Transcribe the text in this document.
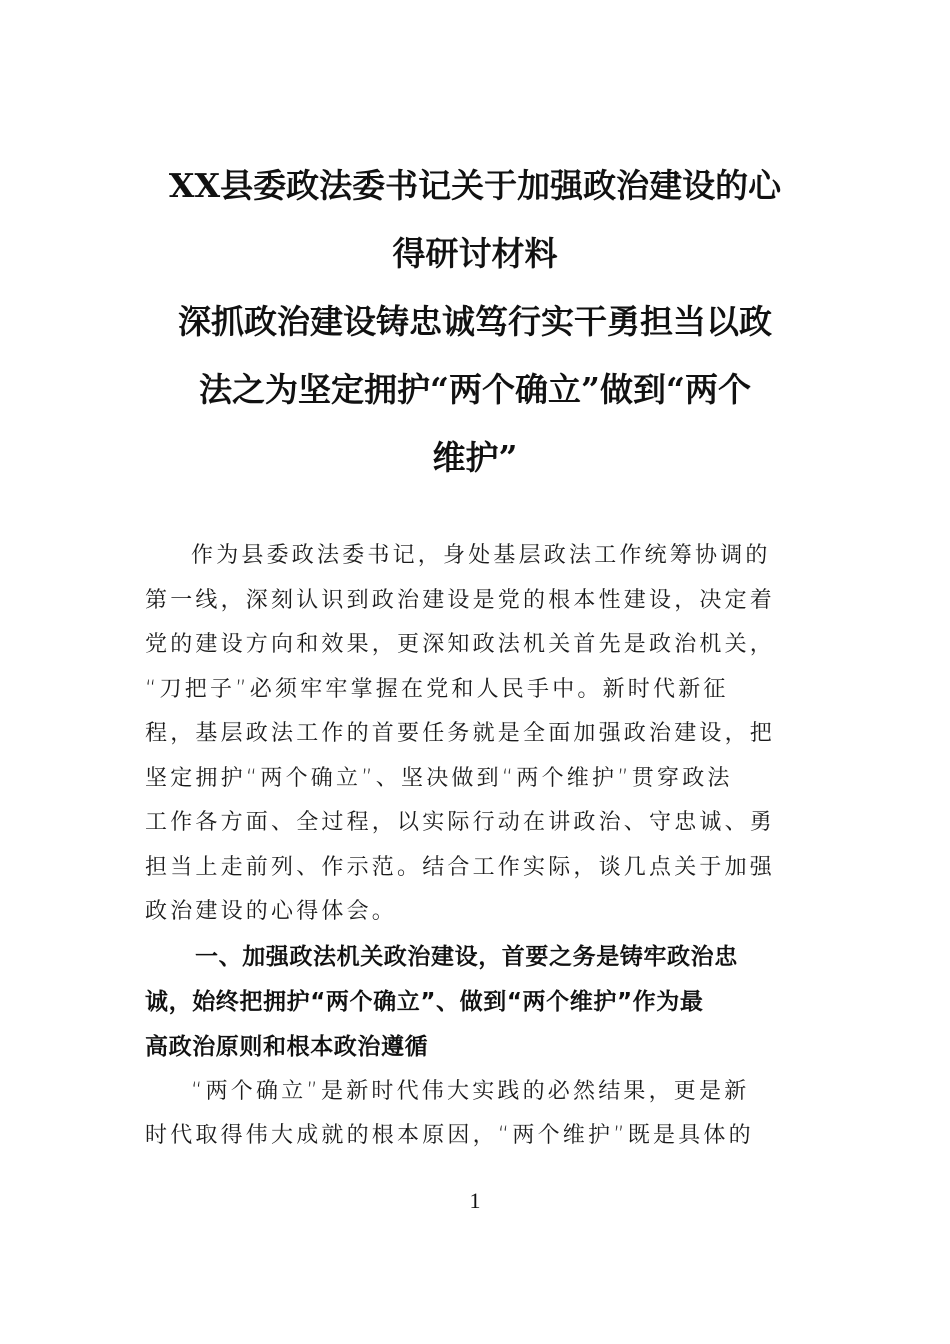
XX县委政法委书记关于加强政治建设的心
得研讨材料
深抓政治建设铸忠诚笃行实干勇担当以政
法之为坚定拥护“两个确立”做到“两个
维护”
作为县委政法委书记，身处基层政法工作统筹协调的
第一线，深刻认识到政治建设是党的根本性建设，决定着
党的建设方向和效果，更深知政法机关首先是政治机关，
“刀把子”必须牢牢掌握在党和人民手中。新时代新征
程，基层政法工作的首要任务就是全面加强政治建设，把
坚定拥护“两个确立”、坚决做到“两个维护”贯穿政法
工作各方面、全过程，以实际行动在讲政治、守忠诚、勇
担当上走前列、作示范。结合工作实际，谈几点关于加强
政治建设的心得体会。
一、加强政法机关政治建设，首要之务是铸牢政治忠
诚，始终把拥护“两个确立”、做到“两个维护”作为最
高政治原则和根本政治遵循
“两个确立”是新时代伟大实践的必然结果，更是新
时代取得伟大成就的根本原因，“两个维护”既是具体的
1
